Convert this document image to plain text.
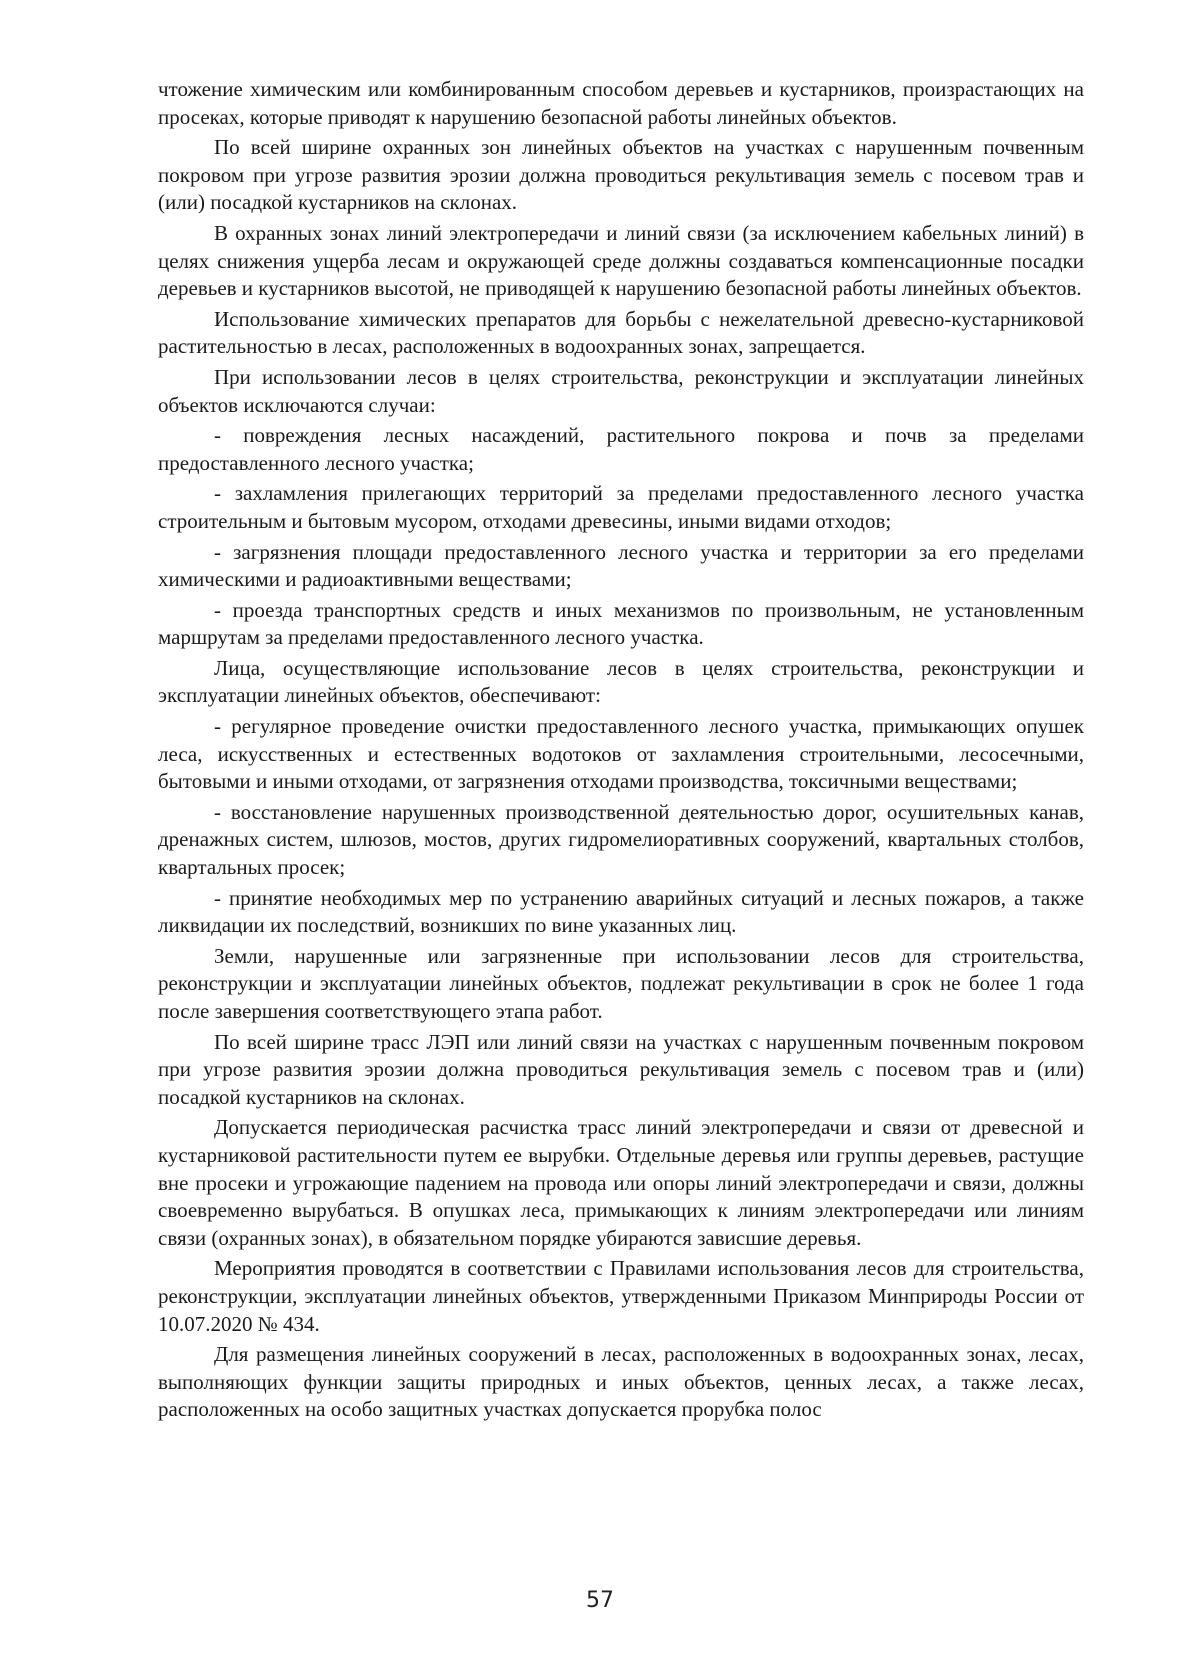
чтожение химическим или комбинированным способом деревьев и кустарников, произрастающих на просеках, которые приводят к нарушению безопасной работы линейных объектов.

По всей ширине охранных зон линейных объектов на участках с нарушенным почвенным покровом при угрозе развития эрозии должна проводиться рекультивация земель с посевом трав и (или) посадкой кустарников на склонах.

В охранных зонах линий электропередачи и линий связи (за исключением кабельных линий) в целях снижения ущерба лесам и окружающей среде должны создаваться компенсационные посадки деревьев и кустарников высотой, не приводящей к нарушению безопасной работы линейных объектов.

Использование химических препаратов для борьбы с нежелательной древесно-кустарниковой растительностью в лесах, расположенных в водоохранных зонах, запрещается.

При использовании лесов в целях строительства, реконструкции и эксплуатации линейных объектов исключаются случаи:

- повреждения лесных насаждений, растительного покрова и почв за пределами предоставленного лесного участка;

- захламления прилегающих территорий за пределами предоставленного лесного участка строительным и бытовым мусором, отходами древесины, иными видами отходов;

- загрязнения площади предоставленного лесного участка и территории за его пределами химическими и радиоактивными веществами;

- проезда транспортных средств и иных механизмов по произвольным, не установленным маршрутам за пределами предоставленного лесного участка.

Лица, осуществляющие использование лесов в целях строительства, реконструкции и эксплуатации линейных объектов, обеспечивают:

- регулярное проведение очистки предоставленного лесного участка, примыкающих опушек леса, искусственных и естественных водотоков от захламления строительными, лесосечными, бытовыми и иными отходами, от загрязнения отходами производства, токсичными веществами;

- восстановление нарушенных производственной деятельностью дорог, осушительных канав, дренажных систем, шлюзов, мостов, других гидромелиоративных сооружений, квартальных столбов, квартальных просек;

- принятие необходимых мер по устранению аварийных ситуаций и лесных пожаров, а также ликвидации их последствий, возникших по вине указанных лиц.

Земли, нарушенные или загрязненные при использовании лесов для строительства, реконструкции и эксплуатации линейных объектов, подлежат рекультивации в срок не более 1 года после завершения соответствующего этапа работ.

По всей ширине трасс ЛЭП или линий связи на участках с нарушенным почвенным покровом при угрозе развития эрозии должна проводиться рекультивация земель с посевом трав и (или) посадкой кустарников на склонах.

Допускается периодическая расчистка трасс линий электропередачи и связи от древесной и кустарниковой растительности путем ее вырубки. Отдельные деревья или группы деревьев, растущие вне просеки и угрожающие падением на провода или опоры линий электропередачи и связи, должны своевременно вырубаться. В опушках леса, примыкающих к линиям электропередачи или линиям связи (охранных зонах), в обязательном порядке убираются зависшие деревья.

Мероприятия проводятся в соответствии с Правилами использования лесов для строительства, реконструкции, эксплуатации линейных объектов, утвержденными Приказом Минприроды России от 10.07.2020 № 434.

Для размещения линейных сооружений в лесах, расположенных в водоохранных зонах, лесах, выполняющих функции защиты природных и иных объектов, ценных лесах, а также лесах, расположенных на особо защитных участках допускается прорубка полос

57
